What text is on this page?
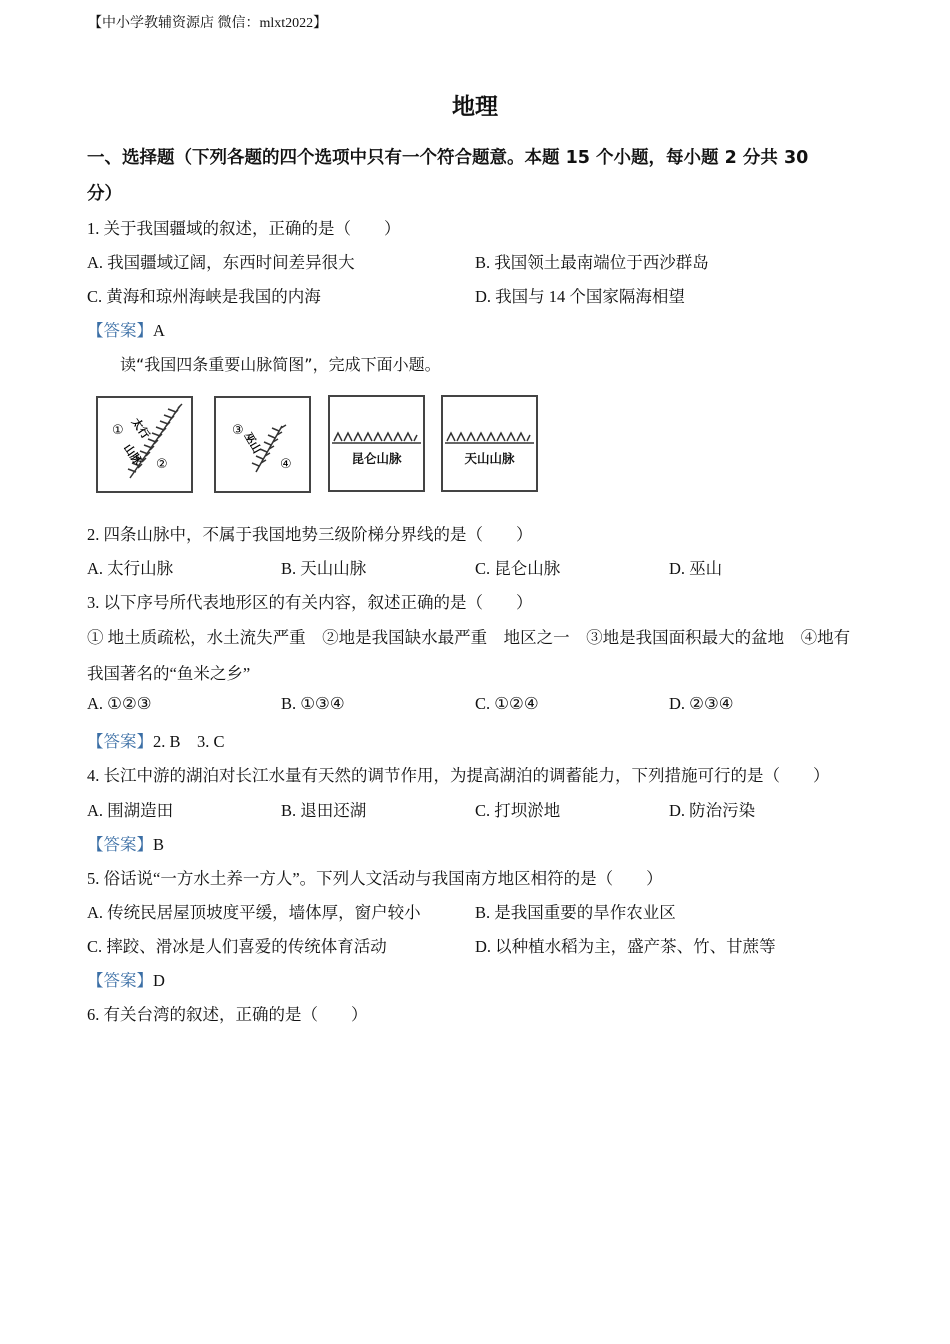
【中小学教辅资源店 微信：mlxt2022】
地理
一、选择题（下列各题的四个选项中只有一个符合题意。本题 15 个小题，每小题 2 分共 30
分）
1. 关于我国疆域的叙述，正确的是（　　）
A. 我国疆域辽阔，东西时间差异很大	B. 我国领土最南端位于西沙群岛
C. 黄海和琼州海峡是我国的内海	D. 我国与 14 个国家隔海相望
【答案】A
读“我国四条重要山脉简图”，完成下面小题。
① 太行
山脉 ②
③
巫山
④	昆仑山脉	天山山脉
2. 四条山脉中，不属于我国地势三级阶梯分界线的是（　　）
A. 太行山脉	B. 天山山脉	C. 昆仑山脉	D. 巫山
3. 以下序号所代表地形区的有关内容，叙述正确的是（　　）
① 地土质疏松，水土流失严重　②地是我国缺水最严重　地区之一　③地是我国面积最大的盆地　④地有
我国著名的“鱼米之乡”
A. ①②③	B. ①③④	C. ①②④	D. ②③④
【答案】2. B　3. C
4. 长江中游的湖泊对长江水量有天然的调节作用，为提高湖泊的调蓄能力，下列措施可行的是（　　）
A. 围湖造田	B. 退田还湖	C. 打坝淤地	D. 防治污染
【答案】B
5. 俗话说“一方水土养一方人”。下列人文活动与我国南方地区相符的是（　　）
A. 传统民居屋顶坡度平缓，墙体厚，窗户较小	B. 是我国重要的旱作农业区
C. 摔跤、滑冰是人们喜爱的传统体育活动	D. 以种植水稻为主，盛产茶、竹、甘蔗等
【答案】D
6. 有关台湾的叙述，正确的是（　　）
